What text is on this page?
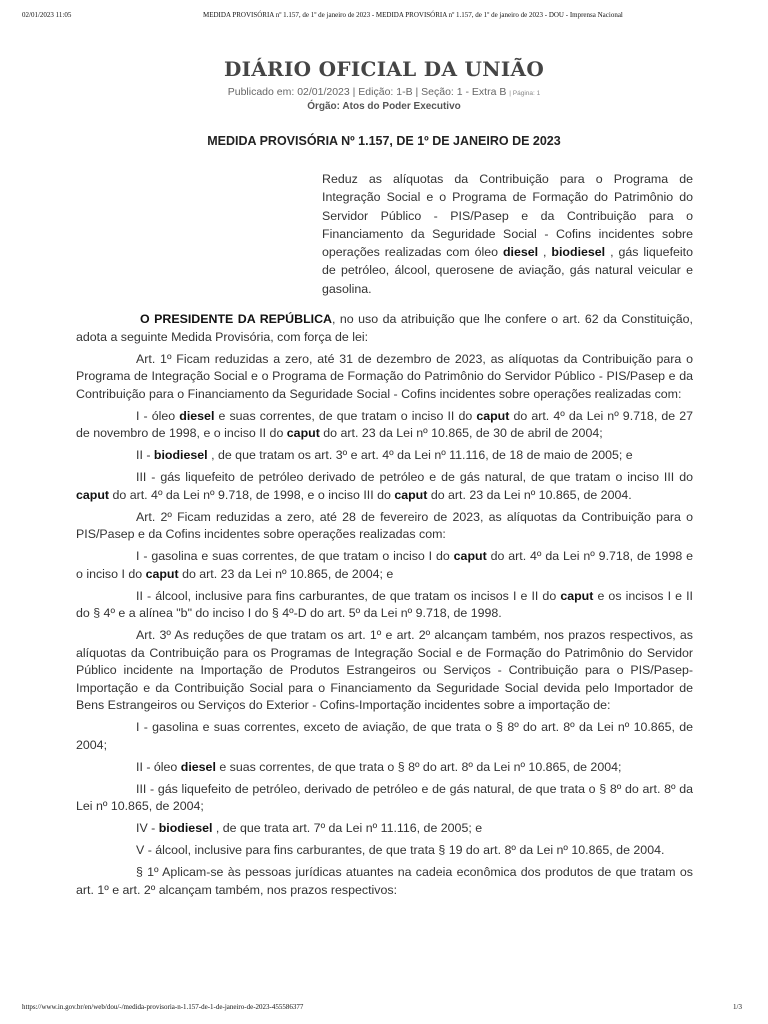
02/01/2023 11:05	MEDIDA PROVISÓRIA nº 1.157, de 1º de janeiro de 2023 - MEDIDA PROVISÓRIA nº 1.157, de 1º de janeiro de 2023 - DOU - Imprensa Nacional
DIÁRIO OFICIAL DA UNIÃO
Publicado em: 02/01/2023 | Edição: 1-B | Seção: 1 - Extra B | Página: 1
Órgão: Atos do Poder Executivo
MEDIDA PROVISÓRIA Nº 1.157, DE 1º DE JANEIRO DE 2023
Reduz as alíquotas da Contribuição para o Programa de Integração Social e o Programa de Formação do Patrimônio do Servidor Público - PIS/Pasep e da Contribuição para o Financiamento da Seguridade Social - Cofins incidentes sobre operações realizadas com óleo diesel , biodiesel , gás liquefeito de petróleo, álcool, querosene de aviação, gás natural veicular e gasolina.

O PRESIDENTE DA REPÚBLICA, no uso da atribuição que lhe confere o art. 62 da Constituição, adota a seguinte Medida Provisória, com força de lei:

Art. 1º Ficam reduzidas a zero, até 31 de dezembro de 2023, as alíquotas da Contribuição para o Programa de Integração Social e o Programa de Formação do Patrimônio do Servidor Público - PIS/Pasep e da Contribuição para o Financiamento da Seguridade Social - Cofins incidentes sobre operações realizadas com:

I - óleo diesel e suas correntes, de que tratam o inciso II do caput do art. 4º da Lei nº 9.718, de 27 de novembro de 1998, e o inciso II do caput do art. 23 da Lei nº 10.865, de 30 de abril de 2004;

II - biodiesel , de que tratam os art. 3º e art. 4º da Lei nº 11.116, de 18 de maio de 2005; e

III - gás liquefeito de petróleo derivado de petróleo e de gás natural, de que tratam o inciso III do caput do art. 4º da Lei nº 9.718, de 1998, e o inciso III do caput do art. 23 da Lei nº 10.865, de 2004.

Art. 2º Ficam reduzidas a zero, até 28 de fevereiro de 2023, as alíquotas da Contribuição para o PIS/Pasep e da Cofins incidentes sobre operações realizadas com:

I - gasolina e suas correntes, de que tratam o inciso I do caput do art. 4º da Lei nº 9.718, de 1998 e o inciso I do caput do art. 23 da Lei nº 10.865, de 2004; e

II - álcool, inclusive para fins carburantes, de que tratam os incisos I e II do caput e os incisos I e II do § 4º e a alínea "b" do inciso I do § 4º-D do art. 5º da Lei nº 9.718, de 1998.

Art. 3º As reduções de que tratam os art. 1º e art. 2º alcançam também, nos prazos respectivos, as alíquotas da Contribuição para os Programas de Integração Social e de Formação do Patrimônio do Servidor Público incidente na Importação de Produtos Estrangeiros ou Serviços - Contribuição para o PIS/Pasep-Importação e da Contribuição Social para o Financiamento da Seguridade Social devida pelo Importador de Bens Estrangeiros ou Serviços do Exterior - Cofins-Importação incidentes sobre a importação de:

I - gasolina e suas correntes, exceto de aviação, de que trata o § 8º do art. 8º da Lei nº 10.865, de 2004;

II - óleo diesel e suas correntes, de que trata o § 8º do art. 8º da Lei nº 10.865, de 2004;

III - gás liquefeito de petróleo, derivado de petróleo e de gás natural, de que trata o § 8º do art. 8º da Lei nº 10.865, de 2004;

IV - biodiesel , de que trata art. 7º da Lei nº 11.116, de 2005; e

V - álcool, inclusive para fins carburantes, de que trata § 19 do art. 8º da Lei nº 10.865, de 2004.

§ 1º Aplicam-se às pessoas jurídicas atuantes na cadeia econômica dos produtos de que tratam os art. 1º e art. 2º alcançam também, nos prazos respectivos:

https://www.in.gov.br/en/web/dou/-/medida-provisoria-n-1.157-de-1-de-janeiro-de-2023-455586377	1/3
